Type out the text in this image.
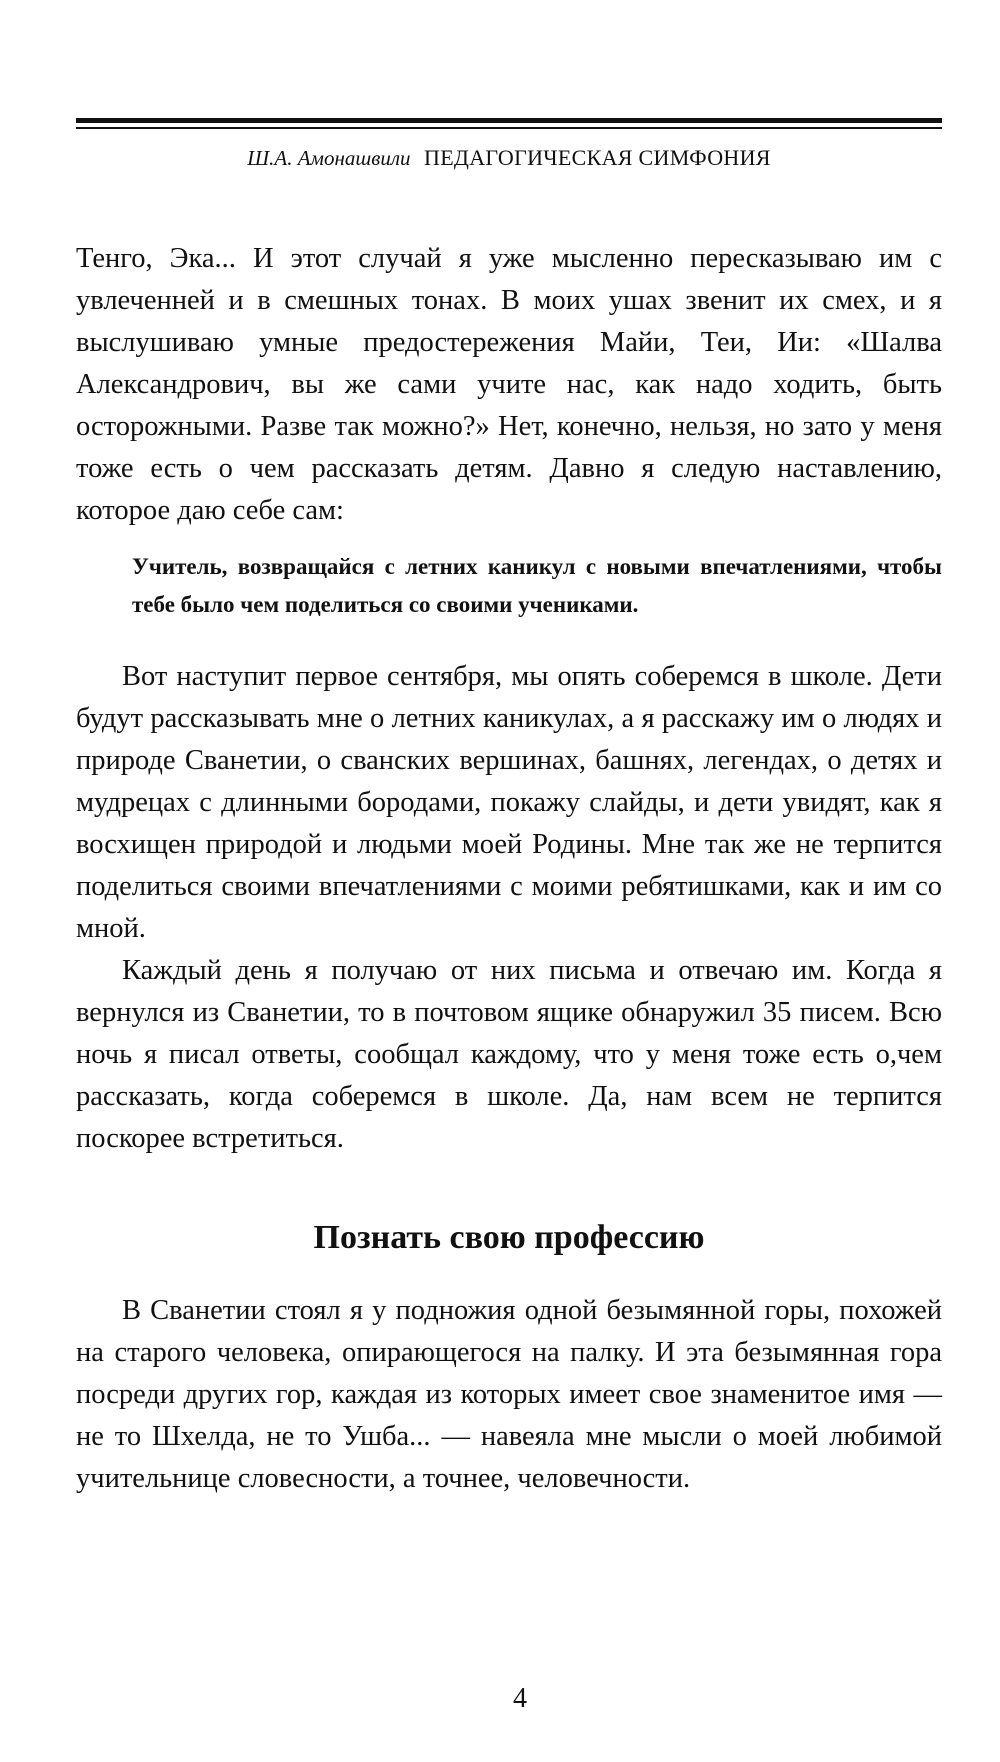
Ш.А. Амонашвили ПЕДАГОГИЧЕСКАЯ СИМФОНИЯ

Тенго, Эка... И этот случай я уже мысленно пересказываю им с увлеченней и в смешных тонах. В моих ушах звенит их смех, и я выслушиваю умные предостережения Майи, Теи, Ии: «Шалва Александрович, вы же сами учите нас, как надо ходить, быть осторожными. Разве так можно?» Нет, конечно, нельзя, но зато у меня тоже есть о чем рассказать детям. Давно я следую наставлению, которое даю себе сам:

Учитель, возвращайся с летних каникул с новыми впечатлениями, чтобы тебе было чем поделиться со своими учениками.

Вот наступит первое сентября, мы опять соберемся в школе. Дети будут рассказывать мне о летних каникулах, а я расскажу им о людях и природе Сванетии, о сванских вершинах, башнях, легендах, о детях и мудрецах с длинными бородами, покажу слайды, и дети увидят, как я восхищен природой и людьми моей Родины. Мне так же не терпится поделиться своими впечатлениями с моими ребятишками, как и им со мной.

Каждый день я получаю от них письма и отвечаю им. Когда я вернулся из Сванетии, то в почтовом ящике обнаружил 35 писем. Всю ночь я писал ответы, сообщал каждому, что у меня тоже есть о,чем рассказать, когда соберемся в школе. Да, нам всем не терпится поскорее встретиться.

Познать свою профессию

В Сванетии стоял я у подножия одной безымянной горы, похожей на старого человека, опирающегося на палку. И эта безымянная гора посреди других гор, каждая из которых имеет свое знаменитое имя — не то Шхелда, не то Ушба... — навеяла мне мысли о моей любимой учительнице словесности, а точнее, человечности.

4
